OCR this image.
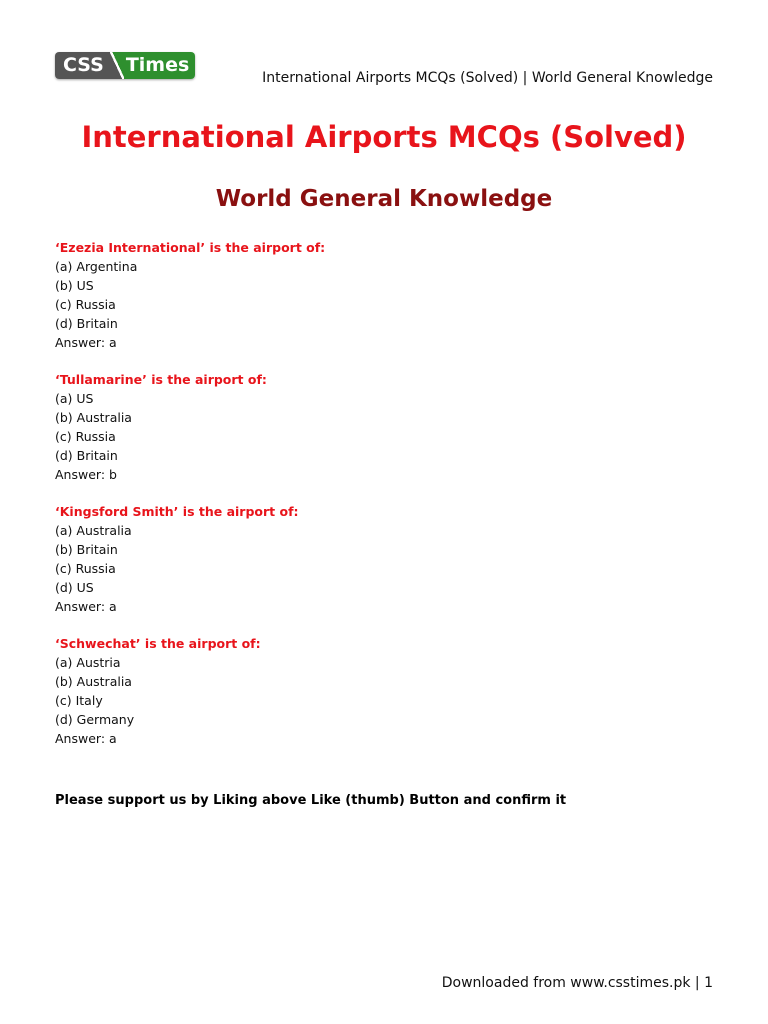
CSS	Times
International Airports MCQs (Solved) | World General Knowledge
International Airports MCQs (Solved)
World General Knowledge
‘Ezezia International’ is the airport of:
(a) Argentina
(b) US
(c) Russia
(d) Britain
Answer: a
‘Tullamarine’ is the airport of:
(a) US
(b) Australia
(c) Russia
(d) Britain
Answer: b
‘Kingsford Smith’ is the airport of:
(a) Australia
(b) Britain
(c) Russia
(d) US
Answer: a
‘Schwechat’ is the airport of:
(a) Austria
(b) Australia
(c) Italy
(d) Germany
Answer: a
Please support us by Liking above Like (thumb) Button and confirm it
Downloaded from www.csstimes.pk | 1
